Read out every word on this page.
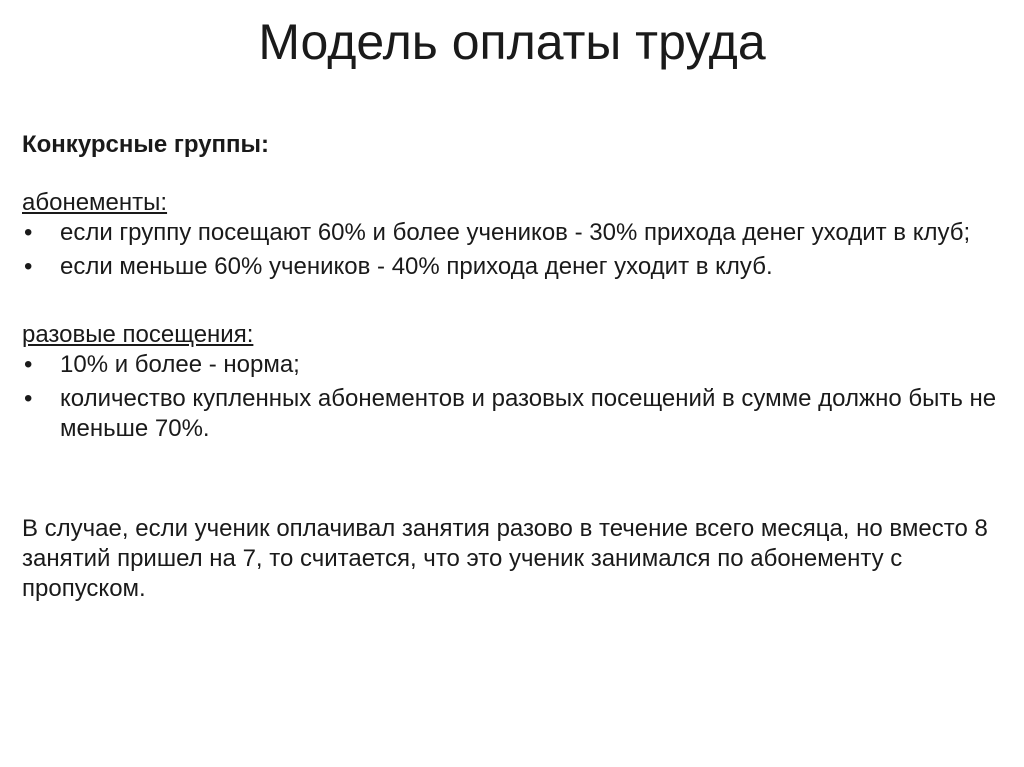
Модель оплаты труда

Конкурсные группы:

абонементы:

• если группу посещают 60% и более учеников - 30% прихода денег уходит в клуб;
• если меньше 60% учеников - 40% прихода денег уходит в клуб.

разовые посещения:

• 10% и более - норма;
• количество купленных абонементов и разовых посещений в сумме должно быть не меньше 70%.

В случае, если ученик оплачивал занятия разово в течение всего месяца, но вместо 8 занятий пришел на 7, то считается, что это ученик занимался по абонементу с пропуском.
